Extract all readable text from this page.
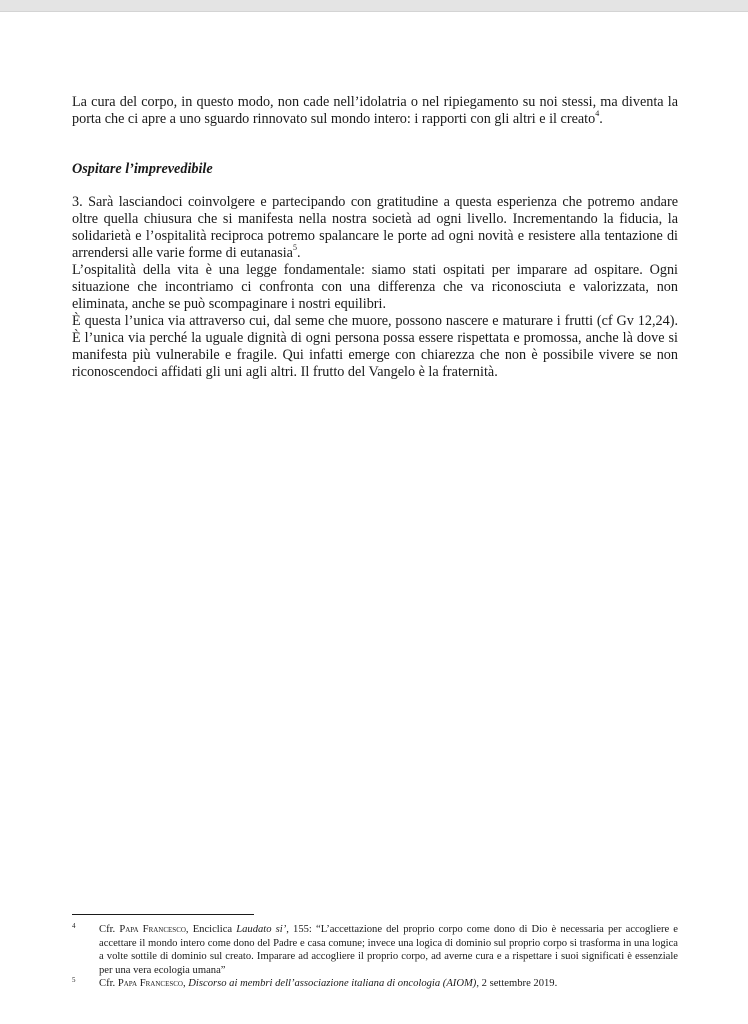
La cura del corpo, in questo modo, non cade nell’idolatria o nel ripiegamento su noi stessi, ma diventa la porta che ci apre a uno sguardo rinnovato sul mondo intero: i rapporti con gli altri e il creato$^4$.

Ospitare l’imprevedibile

3. Sarà lasciandoci coinvolgere e partecipando con gratitudine a questa esperienza che potremo andare oltre quella chiusura che si manifesta nella nostra società ad ogni livello. Incrementando la fiducia, la solidarietà e l’ospitalità reciproca potremo spalancare le porte ad ogni novità e resistere alla tentazione di arrendersi alle varie forme di eutanasia$^5$.

L’ospitalità della vita è una legge fondamentale: siamo stati ospitati per imparare ad ospitare. Ogni situazione che incontriamo ci confronta con una differenza che va riconosciuta e valorizzata, non eliminata, anche se può scompaginare i nostri equilibri.

È questa l’unica via attraverso cui, dal seme che muore, possono nascere e maturare i frutti (cf Gv 12,24). È l’unica via perché la uguale dignità di ogni persona possa essere rispettata e promossa, anche là dove si manifesta più vulnerabile e fragile. Qui infatti emerge con chiarezza che non è possibile vivere se non riconoscendoci affidati gli uni agli altri. Il frutto del Vangelo è la fraternità.

4 Cfr. Papa Francesco, Enciclica Laudato si’, 155: “L’accettazione del proprio corpo come dono di Dio è necessaria per accogliere e accettare il mondo intero come dono del Padre e casa comune; invece una logica di dominio sul proprio corpo si trasforma in una logica a volte sottile di dominio sul creato. Imparare ad accogliere il proprio corpo, ad averne cura e a rispettare i suoi significati è essenziale per una vera ecologia umana”

5 Cfr. Papa Francesco, Discorso ai membri dell’associazione italiana di oncologia (AIOM), 2 settembre 2019.
